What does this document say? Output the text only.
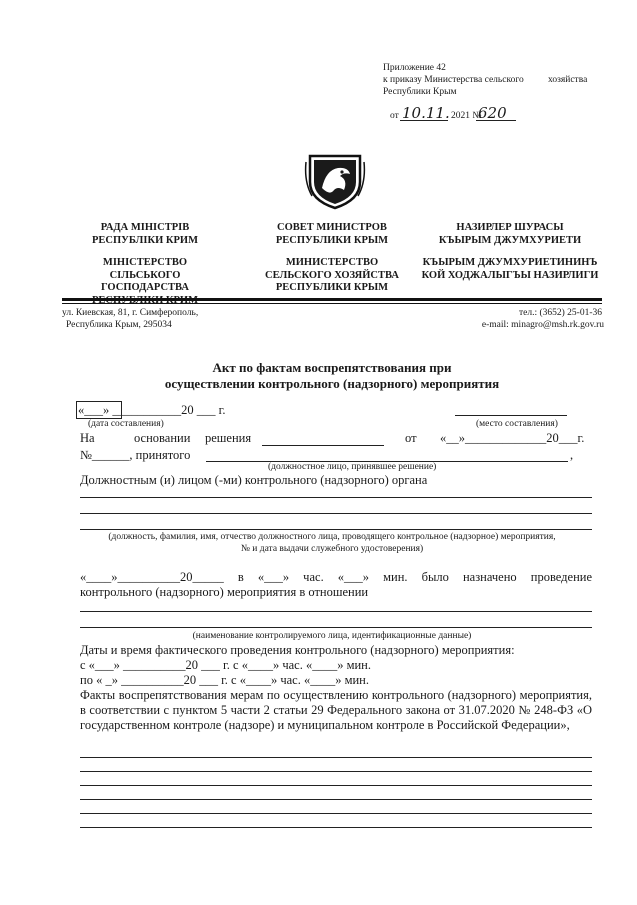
Приложение 42
к приказу Министерства сельского	хозяйства
Республики Крым
от 10.11. 2021 №
620
РАДА МІНІСТРІВ
РЕСПУБЛІКИ КРИМ
МІНІСТЕРСТВО
СІЛЬСЬКОГО
ГОСПОДАРСТВА
СОВЕТ МИНИСТРОВ
РЕСПУБЛИКИ КРЫМ
МИНИСТЕРСТВО
СЕЛЬСКОГО ХОЗЯЙСТВА
РЕСПУБЛИКИ КРЫМ
НАЗИРЛЕР ШУРАСЫ
КЪЫРЫМ ДЖУМХУРИЕТИ
КЪЫРЫМ ДЖУМХУРИЕТИНИНЪ
КОЙ ХОДЖАЛЫГЪЫ НАЗИРЛИГИ
ул. Киевская, 81, г. Симферополь,
Республика Крым, 295034
тел.: (3652) 25-01-36
e-mail: minagro@msh.rk.gov.ru
Акт по фактам воспрепятствования при
осуществлении контрольного (надзорного) мероприятия
«___» ___________20 ___ г.
(дата составления)	(место составления)
На	основании решения	от «__»_____________20___г.
№______, принятого	,
(должностное лицо, принявшее решение)
Должностным (и) лицом (-ми) контрольного (надзорного) органа
(должность, фамилия, имя, отчество должностного лица, проводящего контрольное (надзорное) мероприятия,
№ и дата выдачи служебного удостоверения)
«____»__________20_____ в «___» час. «___» мин. было назначено проведение
контрольного (надзорного) мероприятия в отношении
(наименование контролируемого лица, идентификационные данные)
Даты и время фактического проведения контрольного (надзорного) мероприятия:
с «___» __________20 ___ г. с «____» час. «____» мин.
по « _» __________20 ___ г. с «____» час. «____» мин.
Факты воспрепятствования мерам по осуществлению контрольного (надзорного) мероприятия, в соответствии с пунктом 5 части 2 статьи 29 Федерального закона от 31.07.2020 № 248-ФЗ «О государственном контроле (надзоре) и муниципальном контроле в Российской Федерации»,
